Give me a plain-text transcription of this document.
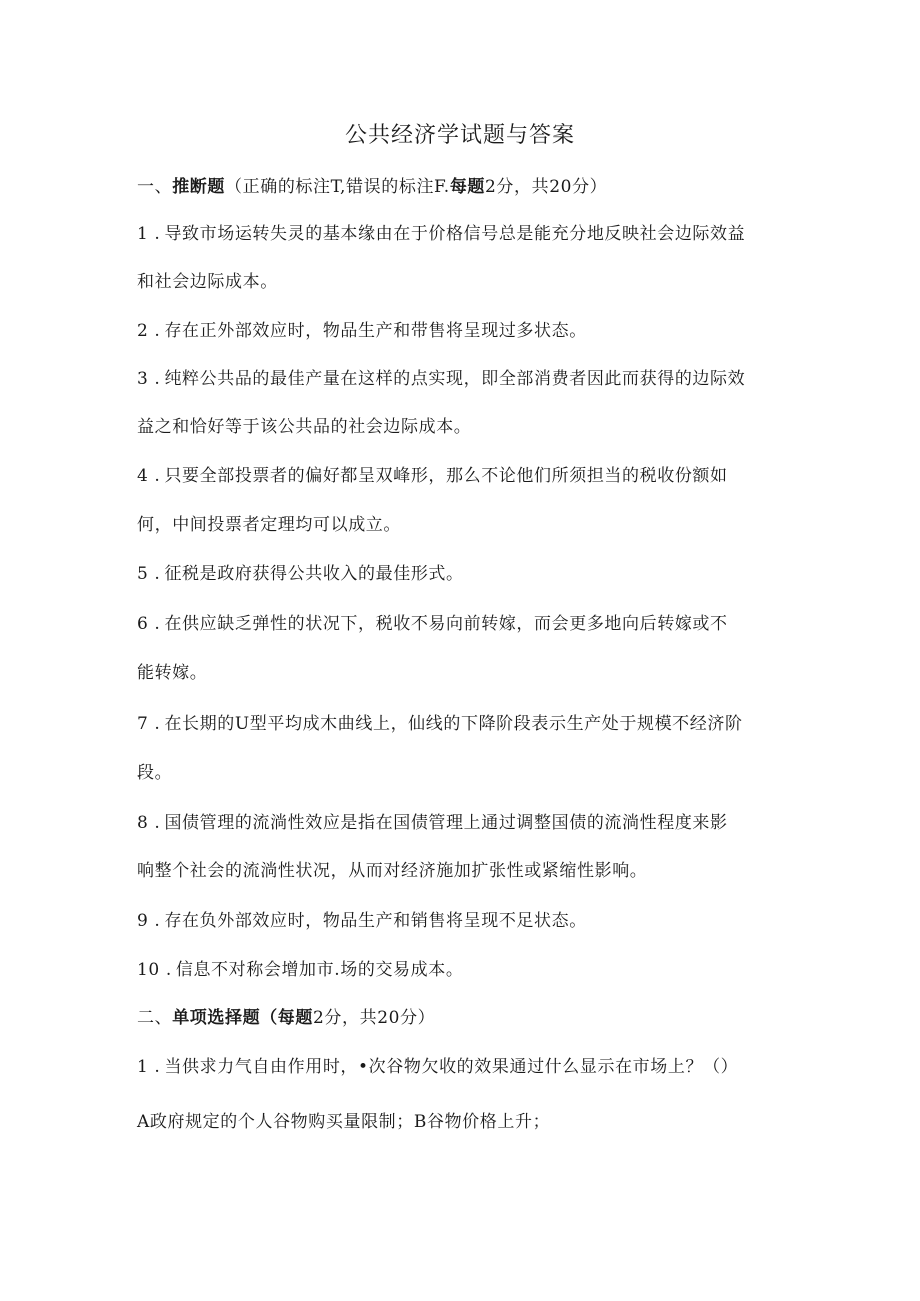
公共经济学试题与答案
一、推断题（正确的标注T,错误的标注F.每题2分，共20分）
1 . 导致市场运转失灵的基本缘由在于价格信号总是能充分地反映社会边际效益
和社会边际成本。
2 . 存在正外部效应时，物品生产和带售将呈现过多状态。
3 . 纯粹公共品的最佳产量在这样的点实现，即全部消费者因此而获得的边际效
益之和恰好等于该公共品的社会边际成本。
4 . 只要全部投票者的偏好都呈双峰形，那么不论他们所须担当的税收份额如
何，中间投票者定理均可以成立。
5 . 征税是政府获得公共收入的最佳形式。
6 . 在供应缺乏弹性的状况下，税收不易向前转嫁，而会更多地向后转嫁或不
能转嫁。
7 . 在长期的U型平均成木曲线上，仙线的下降阶段表示生产处于规模不经济阶
段。
8 . 国债管理的流淌性效应是指在国债管理上通过调整国债的流淌性程度来影
响整个社会的流淌性状况，从而对经济施加扩张性或紧缩性影响。
9 . 存在负外部效应时，物品生产和销售将呈现不足状态。
10 . 信息不对称会增加市.场的交易成本。
二、单项选择题（每题2分，共20分）
1 . 当供求力气自由作用时，•次谷物欠收的效果通过什么显示在市场上？（）
A政府规定的个人谷物购买量限制；B谷物价格上升；
